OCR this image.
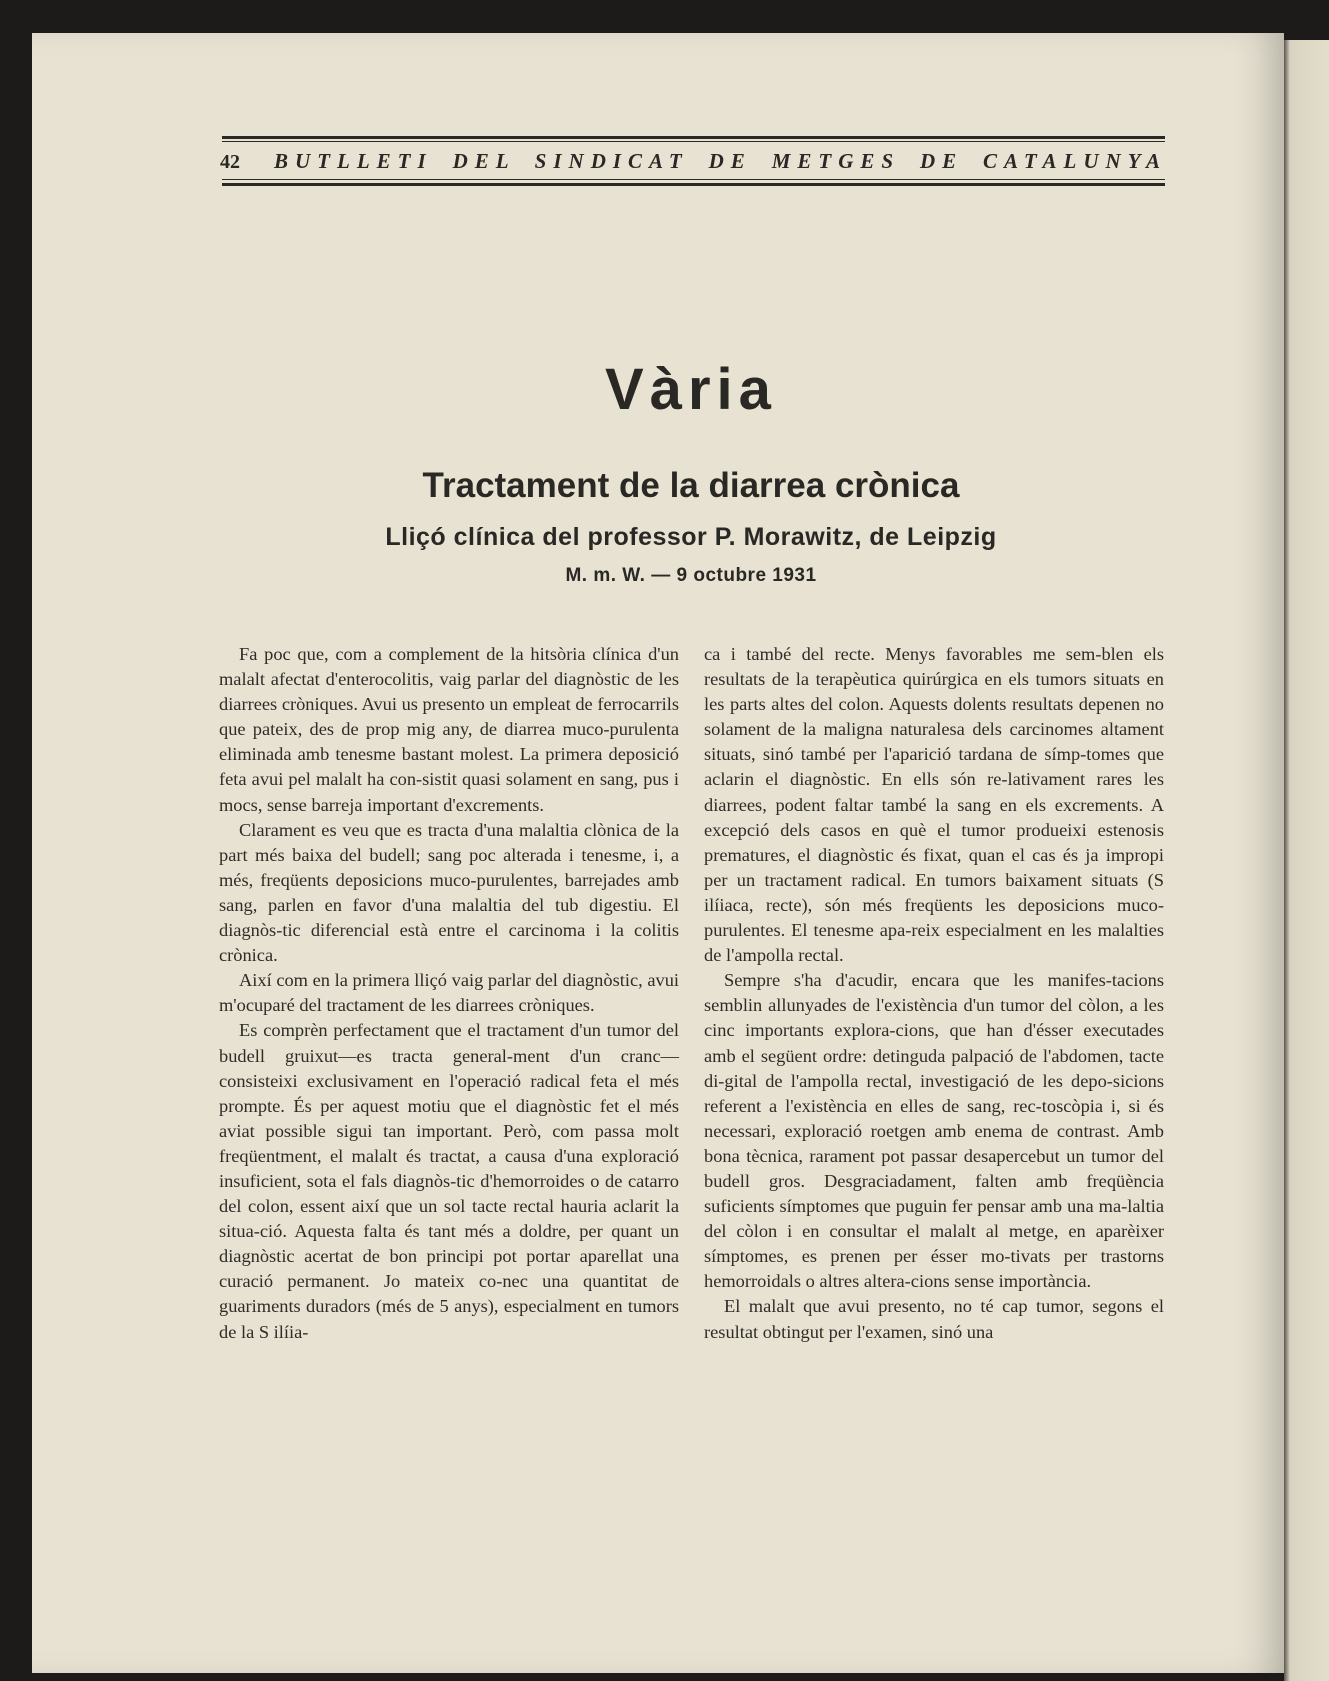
42 BUTLLETI DEL SINDICAT DE METGES DE CATALUNYA
Vària
Tractament de la diarrea crònica
Lliçó clínica del professor P. Morawitz, de Leipzig
M. m. W. — 9 octubre 1931

Fa poc que, com a complement de la hitsòria clínica d'un malalt afectat d'enterocolitis, vaig parlar del diagnòstic de les diarrees cròniques. Avui us presento un empleat de ferrocarrils que pateix, des de prop mig any, de diarrea muco-purulenta eliminada amb tenesme bastant molest. La primera deposició feta avui pel malalt ha con-sistit quasi solament en sang, pus i mocs, sense barreja important d'excrements.

Clarament es veu que es tracta d'una malaltia clònica de la part més baixa del budell; sang poc alterada i tenesme, i, a més, freqüents deposicions muco-purulentes, barrejades amb sang, parlen en favor d'una malaltia del tub digestiu. El diagnòs-tic diferencial està entre el carcinoma i la colitis crònica.

Així com en la primera lliçó vaig parlar del diagnòstic, avui m'ocuparé del tractament de les diarrees cròniques.

Es comprèn perfectament que el tractament d'un tumor del budell gruixut—es tracta general-ment d'un cranc—consisteixi exclusivament en l'operació radical feta el més prompte. És per aquest motiu que el diagnòstic fet el més aviat possible sigui tan important. Però, com passa molt freqüentment, el malalt és tractat, a causa d'una exploració insuficient, sota el fals diagnòs-tic d'hemorroides o de catarro del colon, essent així que un sol tacte rectal hauria aclarit la situa-ció. Aquesta falta és tant més a doldre, per quant un diagnòstic acertat de bon principi pot portar aparellat una curació permanent. Jo mateix co-nec una quantitat de guariments duradors (més de 5 anys), especialment en tumors de la S ilíia-

ca i també del recte. Menys favorables me sem-blen els resultats de la terapèutica quirúrgica en els tumors situats en les parts altes del colon. Aquests dolents resultats depenen no solament de la maligna naturalesa dels carcinomes altament situats, sinó també per l'aparició tardana de símp-tomes que aclarin el diagnòstic. En ells són re-lativament rares les diarrees, podent faltar també la sang en els excrements. A excepció dels casos en què el tumor produeixi estenosis prematures, el diagnòstic és fixat, quan el cas és ja impropi per un tractament radical. En tumors baixament situats (S ilíiaca, recte), són més freqüents les deposicions muco-purulentes. El tenesme apa-reix especialment en les malalties de l'ampolla rectal.

Sempre s'ha d'acudir, encara que les manifes-tacions semblin allunyades de l'existència d'un tumor del còlon, a les cinc importants explora-cions, que han d'ésser executades amb el següent ordre: detinguda palpació de l'abdomen, tacte di-gital de l'ampolla rectal, investigació de les depo-sicions referent a l'existència en elles de sang, rec-toscòpia i, si és necessari, exploració roetgen amb enema de contrast. Amb bona tècnica, rarament pot passar desapercebut un tumor del budell gros. Desgraciadament, falten amb freqüència suficients símptomes que puguin fer pensar amb una ma-laltia del còlon i en consultar el malalt al metge, en aparèixer símptomes, es prenen per ésser mo-tivats per trastorns hemorroidals o altres altera-cions sense importància.

El malalt que avui presento, no té cap tumor, segons el resultat obtingut per l'examen, sinó una
